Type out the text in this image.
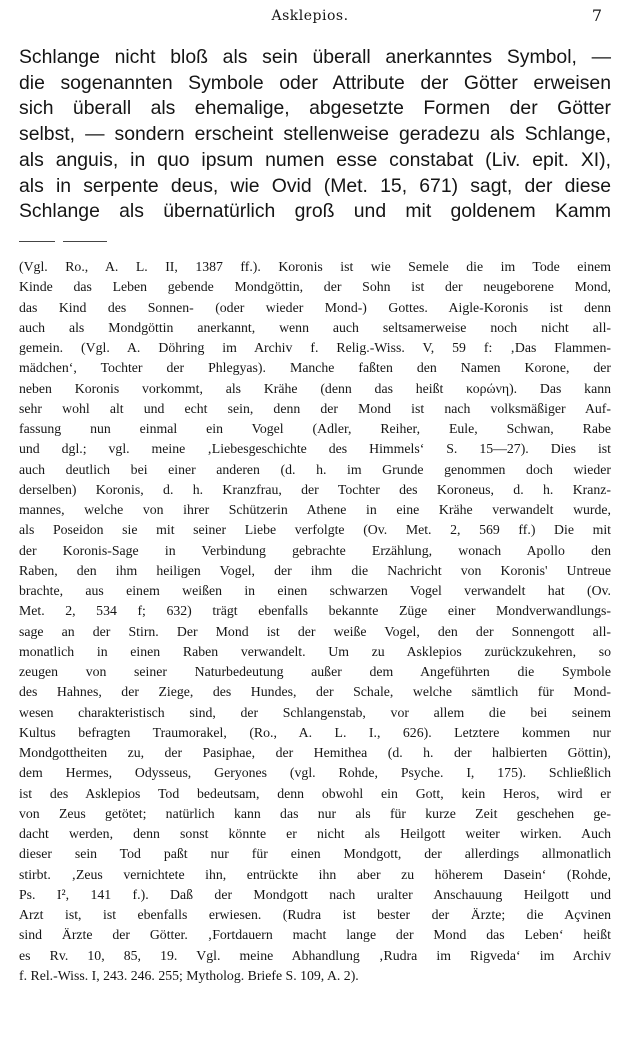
Asklepios.	7
Schlange nicht bloß als sein überall anerkanntes Symbol, —
die sogenannten Symbole oder Attribute der Götter erweisen
sich überall als ehemalige, abgesetzte Formen der Götter
selbst, — sondern erscheint stellenweise geradezu als Schlange,
als anguis, in quo ipsum numen esse constabat (Liv. epit. XI),
als in serpente deus, wie Ovid (Met. 15, 671) sagt, der diese
Schlange als übernatürlich groß und mit goldenem Kamm
(Vgl. Ro., A. L. II, 1387 ff.). Koronis ist wie Semele die im Tode einem
Kinde das Leben gebende Mondgöttin, der Sohn ist der neugeborene Mond,
das Kind des Sonnen- (oder wieder Mond-) Gottes. Aigle-Koronis ist denn
auch als Mondgöttin anerkannt, wenn auch seltsamerweise noch nicht all-
gemein. (Vgl. A. Döhring im Archiv f. Relig.-Wiss. V, 59 f: ‚Das Flammen-
mädchen‘, Tochter der Phlegyas). Manche faßten den Namen Korone, der
neben Koronis vorkommt, als Krähe (denn das heißt κορώνη). Das kann
sehr wohl alt und echt sein, denn der Mond ist nach volksmäßiger Auf-
fassung nun einmal ein Vogel (Adler, Reiher, Eule, Schwan, Rabe
und dgl.; vgl. meine ‚Liebesgeschichte des Himmels‘ S. 15—27). Dies ist
auch deutlich bei einer anderen (d. h. im Grunde genommen doch wieder
derselben) Koronis, d. h. Kranzfrau, der Tochter des Koroneus, d. h. Kranz-
mannes, welche von ihrer Schützerin Athene in eine Krähe verwandelt wurde,
als Poseidon sie mit seiner Liebe verfolgte (Ov. Met. 2, 569 ff.) Die mit
der Koronis-Sage in Verbindung gebrachte Erzählung, wonach Apollo den
Raben, den ihm heiligen Vogel, der ihm die Nachricht von Koronis' Untreue
brachte, aus einem weißen in einen schwarzen Vogel verwandelt hat (Ov.
Met. 2, 534 f; 632) trägt ebenfalls bekannte Züge einer Mondverwandlungs-
sage an der Stirn. Der Mond ist der weiße Vogel, den der Sonnengott all-
monatlich in einen Raben verwandelt. Um zu Asklepios zurückzukehren, so
zeugen von seiner Naturbedeutung außer dem Angeführten die Symbole
des Hahnes, der Ziege, des Hundes, der Schale, welche sämtlich für Mond-
wesen charakteristisch sind, der Schlangenstab, vor allem die bei seinem
Kultus befragten Traumorakel, (Ro., A. L. I., 626). Letztere kommen nur
Mondgottheiten zu, der Pasiphae, der Hemithea (d. h. der halbierten Göttin),
dem Hermes, Odysseus, Geryones (vgl. Rohde, Psyche. I, 175). Schließlich
ist des Asklepios Tod bedeutsam, denn obwohl ein Gott, kein Heros, wird er
von Zeus getötet; natürlich kann das nur als für kurze Zeit geschehen ge-
dacht werden, denn sonst könnte er nicht als Heilgott weiter wirken. Auch
dieser sein Tod paßt nur für einen Mondgott, der allerdings allmonatlich
stirbt. ‚Zeus vernichtete ihn, entrückte ihn aber zu höherem Dasein‘ (Rohde,
Ps. I², 141 f.). Daß der Mondgott nach uralter Anschauung Heilgott und
Arzt ist, ist ebenfalls erwiesen. (Rudra ist bester der Ärzte; die Açvinen
sind Ärzte der Götter. ‚Fortdauern macht lange der Mond das Leben‘ heißt
es Rv. 10, 85, 19. Vgl. meine Abhandlung ‚Rudra im Rigveda‘ im Archiv
f. Rel.-Wiss. I, 243. 246. 255; Mytholog. Briefe S. 109, A. 2).
